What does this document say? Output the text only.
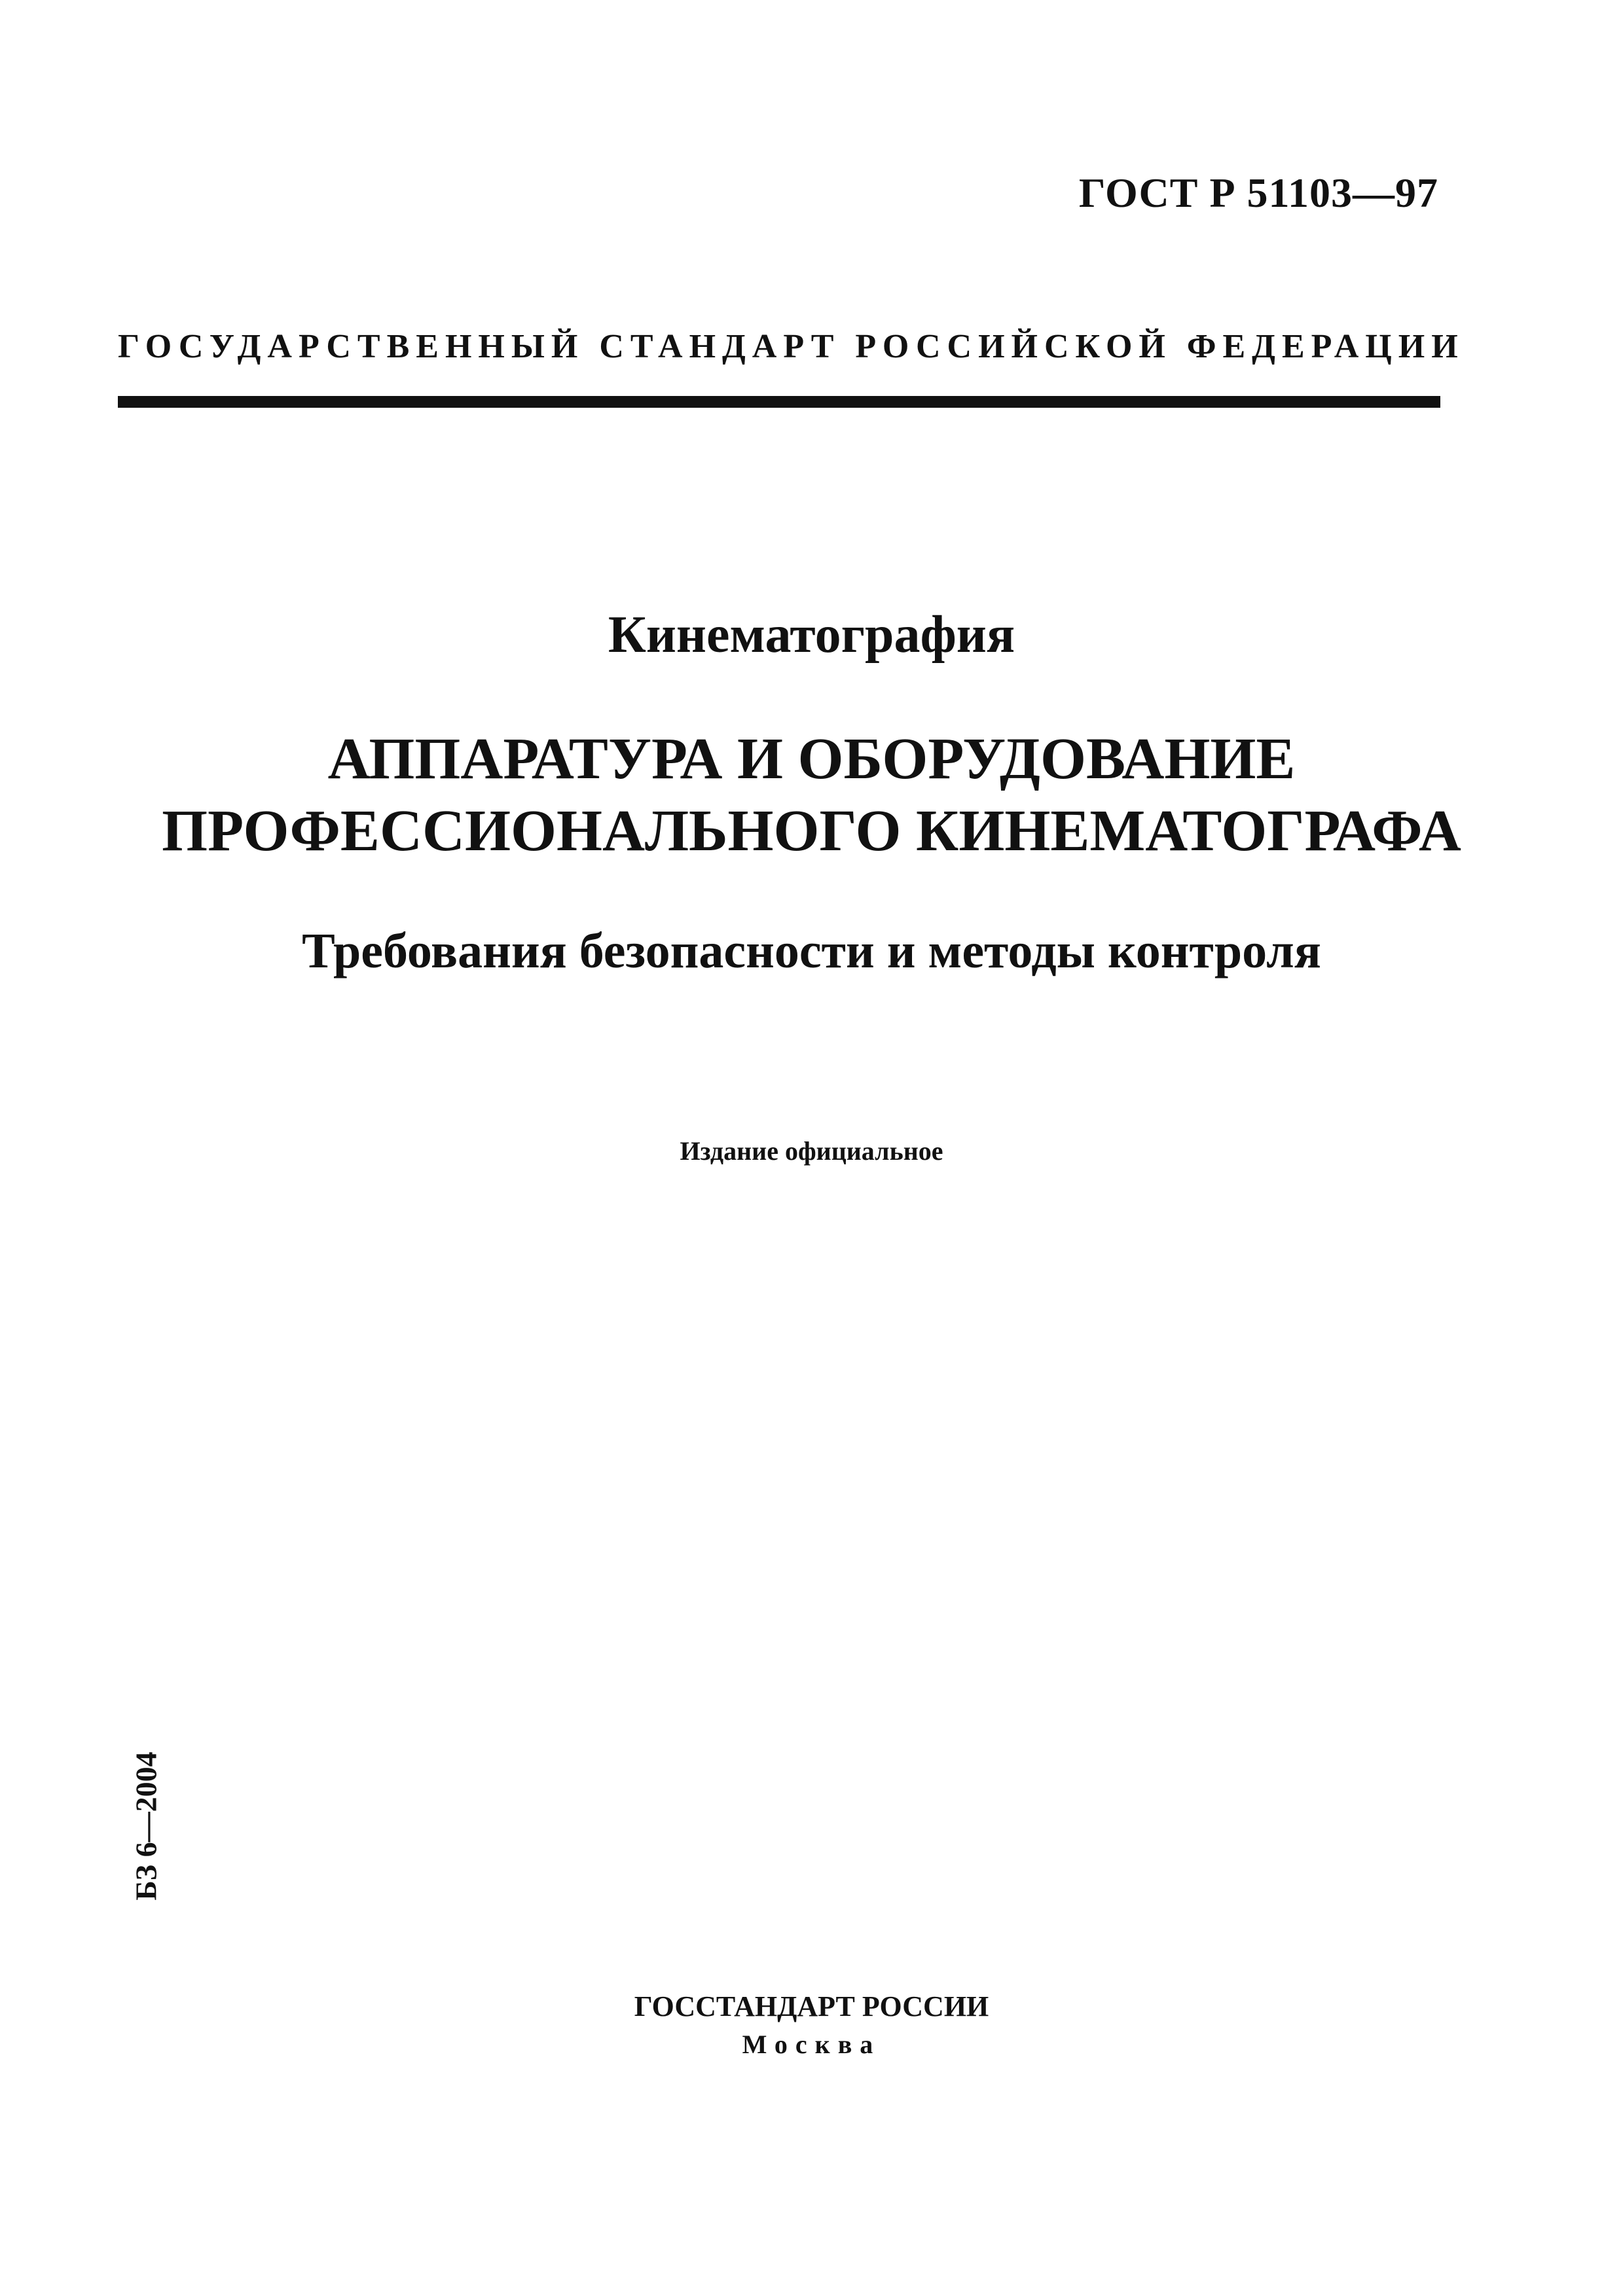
ГОСТ Р 51103—97
ГОСУДАРСТВЕННЫЙ СТАНДАРТ РОССИЙСКОЙ ФЕДЕРАЦИИ
Кинематография
АППАРАТУРА И ОБОРУДОВАНИЕ
ПРОФЕССИОНАЛЬНОГО КИНЕМАТОГРАФА
Требования безопасности и методы контроля
Издание официальное
БЗ 6—2004
ГОССТАНДАРТ РОССИИ
Москва
